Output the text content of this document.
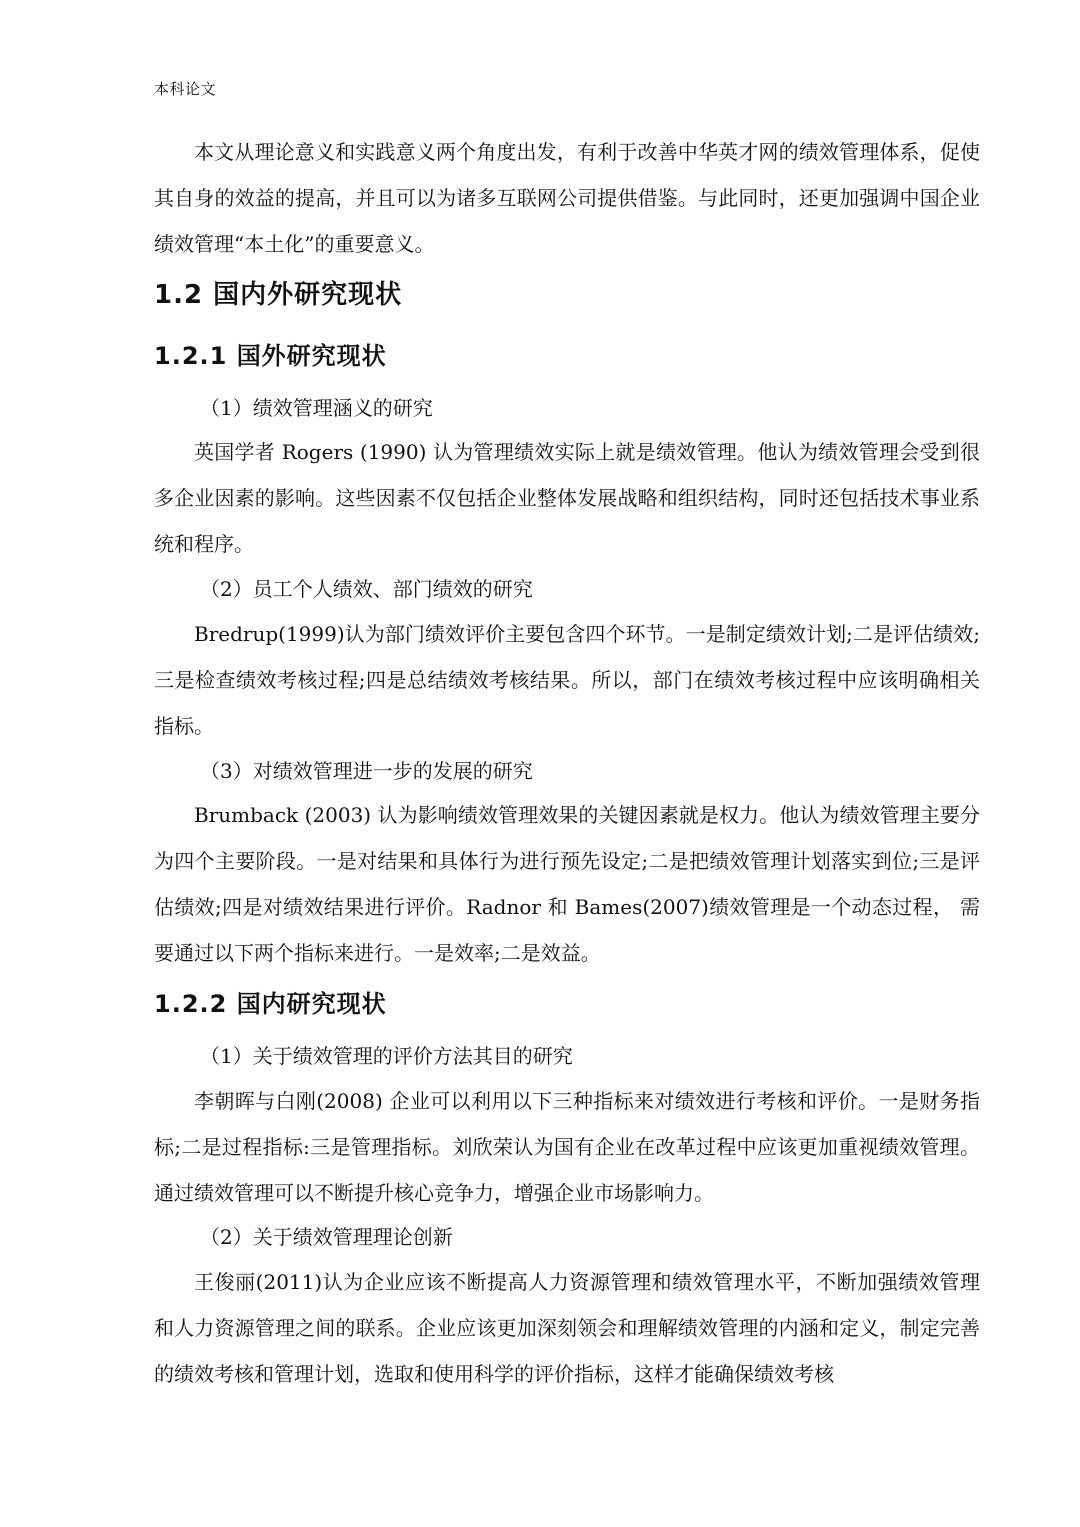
本科论文

本文从理论意义和实践意义两个角度出发，有利于改善中华英才网的绩效管理体系，促使其自身的效益的提高，并且可以为诸多互联网公司提供借鉴。与此同时，还更加强调中国企业绩效管理“本土化”的重要意义。

1.2 国内外研究现状
1.2.1 国外研究现状
（1）绩效管理涵义的研究

英国学者 Rogers (1990) 认为管理绩效实际上就是绩效管理。他认为绩效管理会受到很多企业因素的影响。这些因素不仅包括企业整体发展战略和组织结构，同时还包括技术事业系统和程序。

（2）员工个人绩效、部门绩效的研究

Bredrup(1999)认为部门绩效评价主要包含四个环节。一是制定绩效计划;二是评估绩效;三是检查绩效考核过程;四是总结绩效考核结果。所以，部门在绩效考核过程中应该明确相关指标。

（3）对绩效管理进一步的发展的研究

Brumback (2003) 认为影响绩效管理效果的关键因素就是权力。他认为绩效管理主要分为四个主要阶段。一是对结果和具体行为进行预先设定;二是把绩效管理计划落实到位;三是评估绩效;四是对绩效结果进行评价。Radnor 和 Bames(2007)绩效管理是一个动态过程， 需要通过以下两个指标来进行。一是效率;二是效益。

1.2.2 国内研究现状
（1）关于绩效管理的评价方法其目的研究

李朝晖与白刚(2008) 企业可以利用以下三种指标来对绩效进行考核和评价。一是财务指标;二是过程指标:三是管理指标。刘欣荣认为国有企业在改革过程中应该更加重视绩效管理。通过绩效管理可以不断提升核心竞争力，增强企业市场影响力。

（2）关于绩效管理理论创新

王俊丽(2011)认为企业应该不断提高人力资源管理和绩效管理水平，不断加强绩效管理和人力资源管理之间的联系。企业应该更加深刻领会和理解绩效管理的内涵和定义，制定完善的绩效考核和管理计划，选取和使用科学的评价指标，这样才能确保绩效考核
